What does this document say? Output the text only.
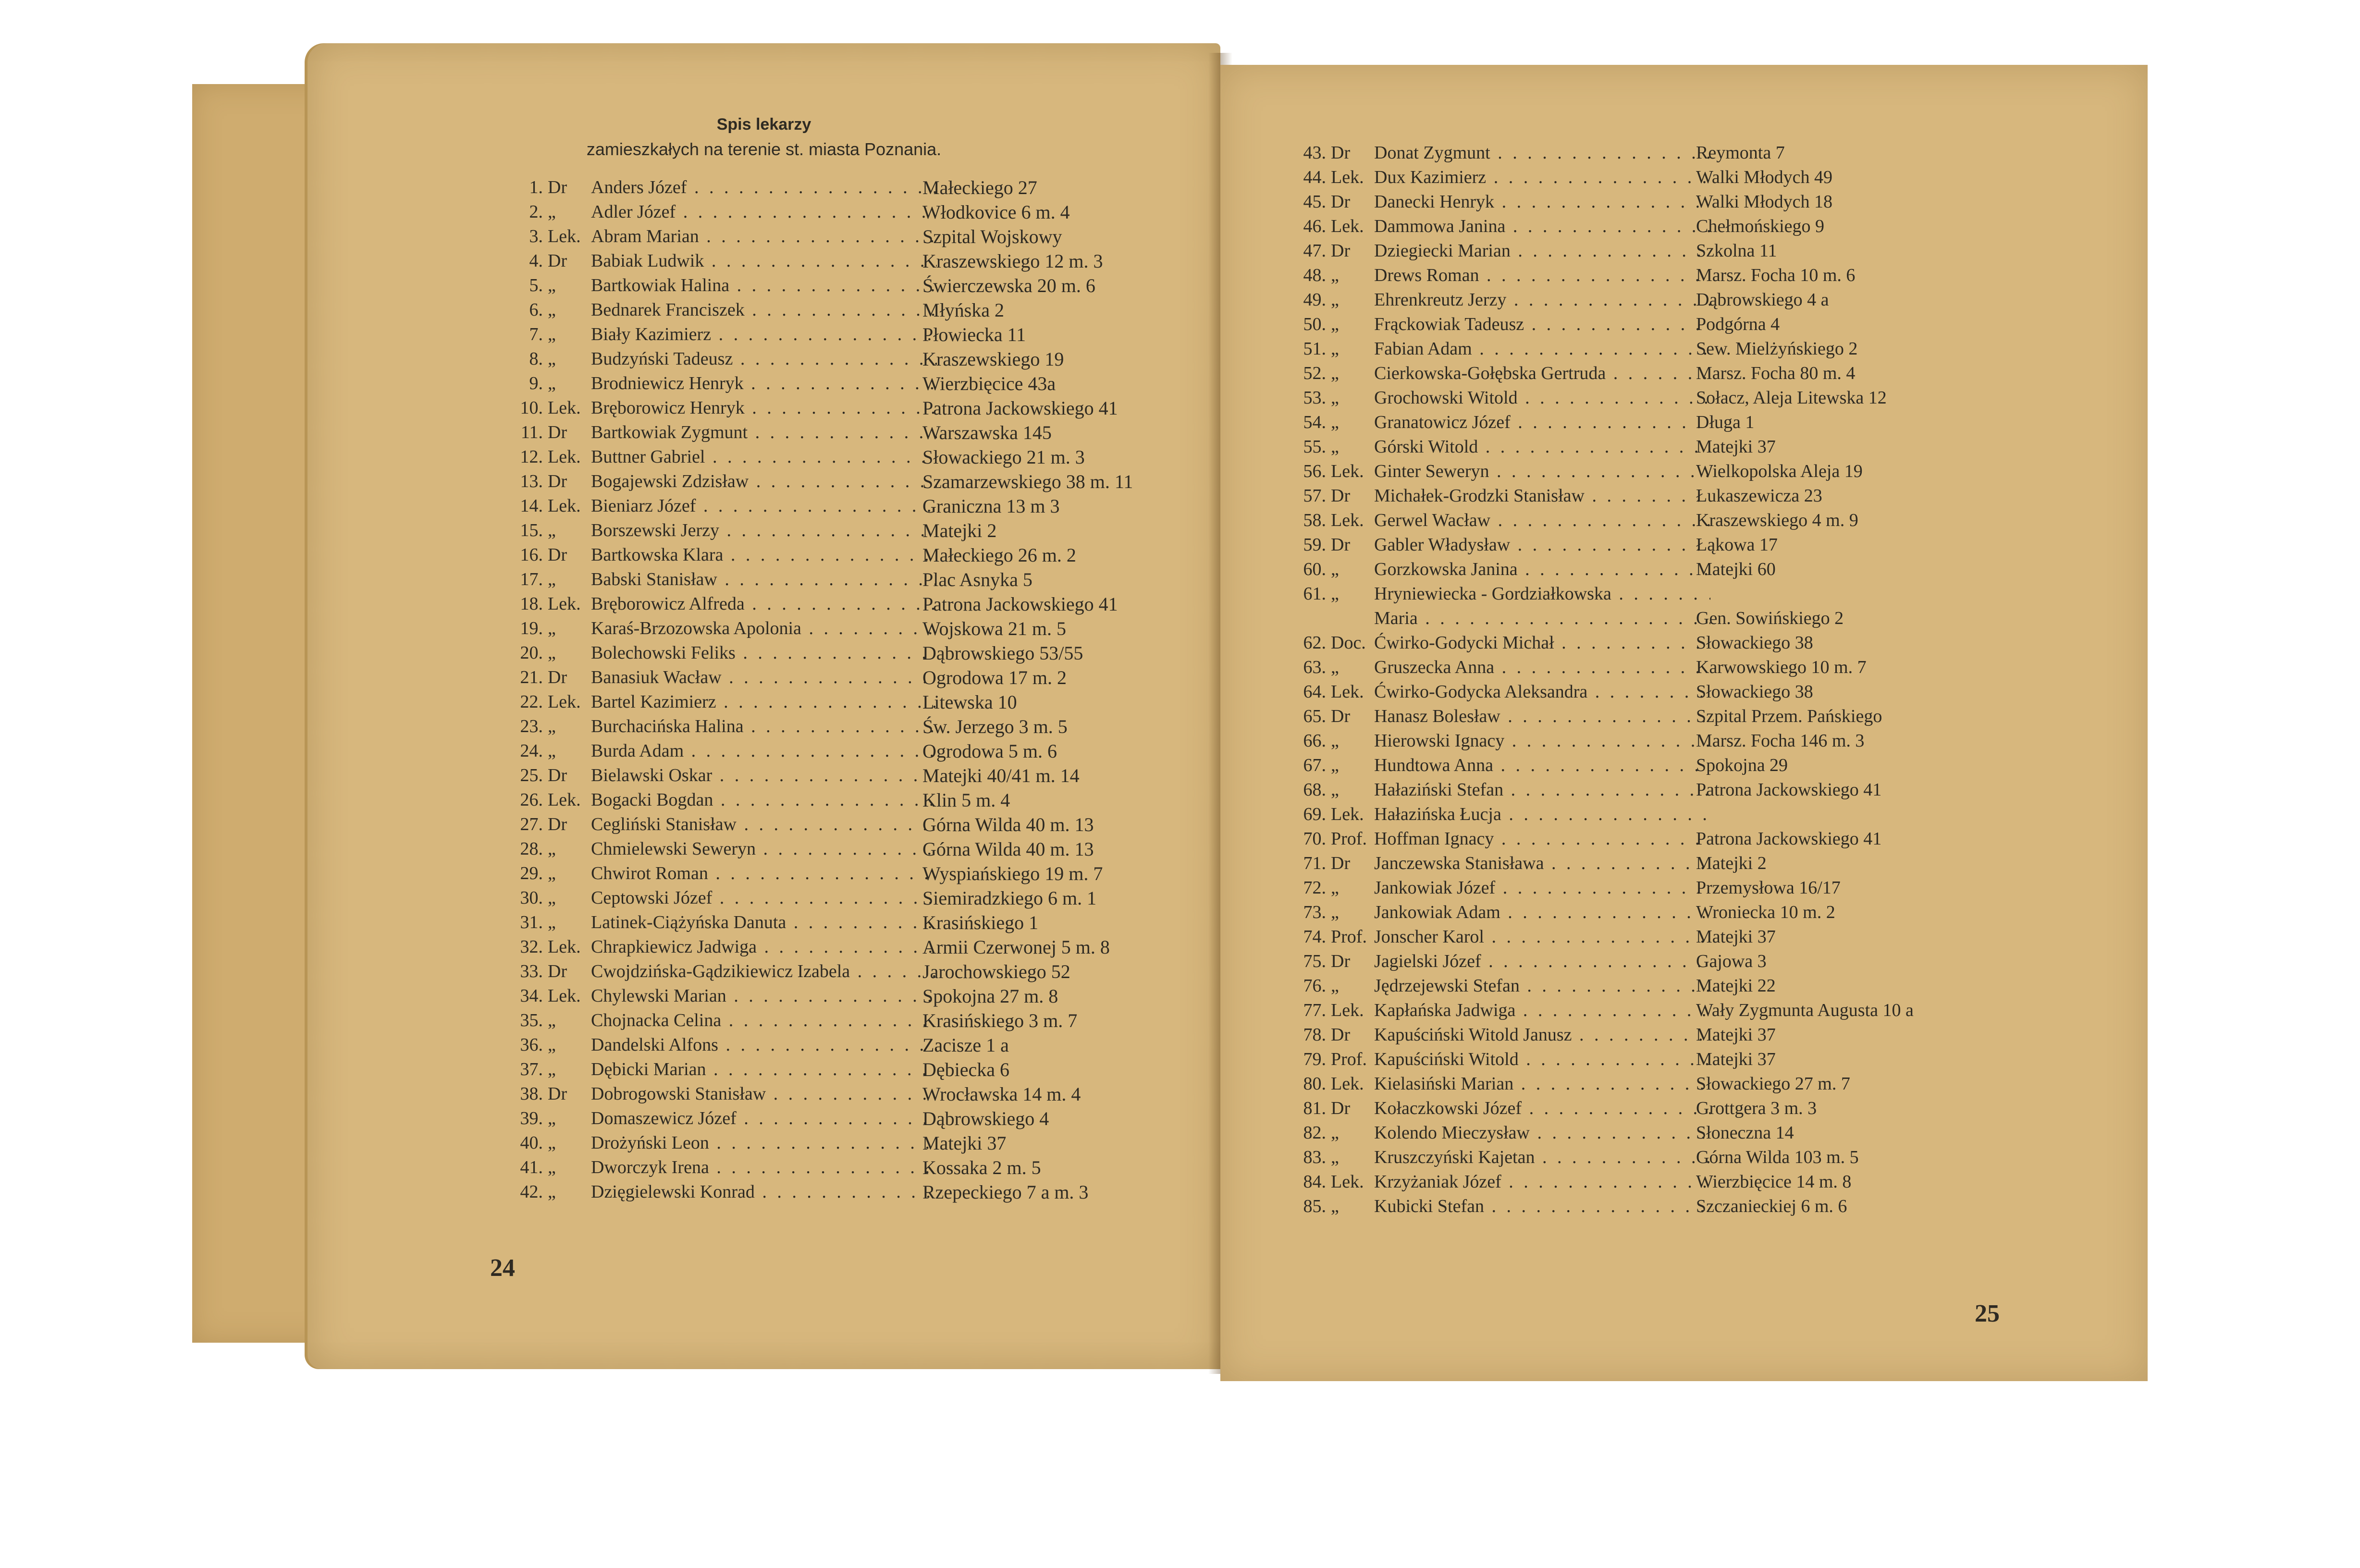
Spis lekarzy
zamieszkałych na terenie st. miasta Poznania.
1. Dr	Anders Józef . . .	Małeckiego 27
2. „	Adler Józef . . .	Włodkovice 6 m. 4
3. Lek. Abram Marian . . .	Szpital Wojskowy
4. Dr	Babiak Ludwik . . .	Kraszewskiego 12 m. 3
5. „	Bartkowiak Halina . . .	Świerczewska 20 m. 6
6. „	Bednarek Franciszek . . .	Młyńska 2
7. „	Biały Kazimierz . . .	Płowiecka 11
8. „	Budzyński Tadeusz . . .	Kraszewskiego 19
9. „	Brodniewicz Henryk . . .	Wierzbięcice 43a
10. Lek. Bręborowicz Henryk . . .	Patrona Jackowskiego 41
11. Dr	Bartkowiak Zygmunt . . .	Warszawska 145
12. Lek. Buttner Gabriel . . .	Słowackiego 21 m. 3
13. Dr	Bogajewski Zdzisław . . .	Szamarzewskiego 38 m. 11
14. Lek. Bieniarz Józef . . .	Graniczna 13 m 3
15. „	Borszewski Jerzy . . .	Matejki 2
16. Dr	Bartkowska Klara . . .	Małeckiego 26 m. 2
17. „	Babski Stanisław . . .	Plac Asnyka 5
18. Lek. Bręborowicz Alfreda . . .	Patrona Jackowskiego 41
19. „	Karaś-Brzozowska Apolonia . . .	Wojskowa 21 m. 5
20. „	Bolechowski Feliks . . .	Dąbrowskiego 53/55
21. Dr	Banasiuk Wacław . . .	Ogrodowa 17 m. 2
22. Lek. Bartel Kazimierz . . .	Litewska 10
23. „	Burchacińska Halina . . .	Św. Jerzego 3 m. 5
24. „	Burda Adam . . .	Ogrodowa 5 m. 6
25. Dr	Bielawski Oskar . . .	Matejki 40/41 m. 14
26. Lek. Bogacki Bogdan . . .	Klin 5 m. 4
27. Dr	Cegliński Stanisław . . .	Górna Wilda 40 m. 13
28. „	Chmielewski Seweryn . . .	Górna Wilda 40 m. 13
29. „	Chwirot Roman . . .	Wyspiańskiego 19 m. 7
30. „	Ceptowski Józef . . .	Siemiradzkiego 6 m. 1
31. „	Latinek-Ciążyńska Danuta . . .	Krasińskiego 1
32. Lek. Chrapkiewicz Jadwiga . . .	Armii Czerwonej 5 m. 8
33. Dr	Cwojdzińska-Gądzikiewicz Izabela . . .	Jarochowskiego 52
34. Lek. Chylewski Marian . . .	Spokojna 27 m. 8
35. „	Chojnacka Celina . . .	Krasińskiego 3 m. 7
36. „	Dandelski Alfons . . .	Zacisze 1 a
37. „	Dębicki Marian . . .	Dębiecka 6
38. Dr	Dobrogowski Stanisław . . .	Wrocławska 14 m. 4
39. „	Domaszewicz Józef . . .	Dąbrowskiego 4
40. „	Drożyński Leon . . .	Matejki 37
41. „	Dworczyk Irena . . .	Kossaka 2 m. 5
42. „	Dzięgielewski Konrad . . .	Rzepeckiego 7 a m. 3
24
43. Dr	Donat Zygmunt . . .	Reymonta 7
44. Lek. Dux Kazimierz . . .	Walki Młodych 49
45. Dr	Danecki Henryk . . .	Walki Młodych 18
46. Lek. Dammowa Janina . . .	Chełmońskiego 9
47. Dr	Dziegiecki Marian . . .	Szkolna 11
48. „	Drews Roman . . .	Marsz. Focha 10 m. 6
49. „	Ehrenkreutz Jerzy . . .	Dąbrowskiego 4 a
50. „	Frąckowiak Tadeusz . . .	Podgórna 4
51. „	Fabian Adam . . .	Sew. Mielżyńskiego 2
52. „	Cierkowska-Gołębska Gertruda . . .	Marsz. Focha 80 m. 4
53. „	Grochowski Witold . . .	Sołacz, Aleja Litewska 12
54. „	Granatowicz Józef . . .	Długa 1
55. „	Górski Witold . . .	Matejki 37
56. Lek. Ginter Seweryn . . .	Wielkopolska Aleja 19
57. Dr	Michałek-Grodzki Stanisław . . .	Łukaszewicza 23
58. Lek. Gerwel Wacław . . .	Kraszewskiego 4 m. 9
59. Dr	Gabler Władysław . . .	Łąkowa 17
60. „	Gorzkowska Janina . . .	Matejki 60
61. „	Hryniewiecka - Gordziałkowska . . .
Maria . . .	Gen. Sowińskiego 2
62. Doc. Ćwirko-Godycki Michał . . .	Słowackiego 38
63. „	Gruszecka Anna . . .	Karwowskiego 10 m. 7
64. Lek. Ćwirko-Godycka Aleksandra . . .	Słowackiego 38
65. Dr	Hanasz Bolesław . . .	Szpital Przem. Pańskiego
66. „	Hierowski Ignacy . . .	Marsz. Focha 146 m. 3
67. „	Hundtowa Anna . . .	Spokojna 29
68. „	Hałaziński Stefan . . .	Patrona Jackowskiego 41
69. Lek. Hałazińska Łucja . . .
70. Prof. Hoffman Ignacy . . .	Patrona Jackowskiego 41
71. Dr	Janczewska Stanisława . . .	Matejki 2
72. „	Jankowiak Józef . . .	Przemysłowa 16/17
73. „	Jankowiak Adam . . .	Wroniecka 10 m. 2
74. Prof. Jonscher Karol . . .	Matejki 37
75. Dr	Jagielski Józef . . .	Gajowa 3
76. „	Jędrzejewski Stefan . . .	Matejki 22
77. Lek. Kapłańska Jadwiga . . .	Wały Zygmunta Augusta 10 a
78. Dr	Kapuściński Witold Janusz . . .	Matejki 37
79. Prof. Kapuściński Witold . . .	Matejki 37
80. Lek. Kielasiński Marian . . .	Słowackiego 27 m. 7
81. Dr	Kołaczkowski Józef . . .	Grottgera 3 m. 3
82. „	Kolendo Mieczysław . . .	Słoneczna 14
83. „	Kruszczyński Kajetan . . .	Górna Wilda 103 m. 5
84. Lek. Krzyżaniak Józef . . .	Wierzbięcice 14 m. 8
85. „	Kubicki Stefan . . .	Szczanieckiej 6 m. 6
25
